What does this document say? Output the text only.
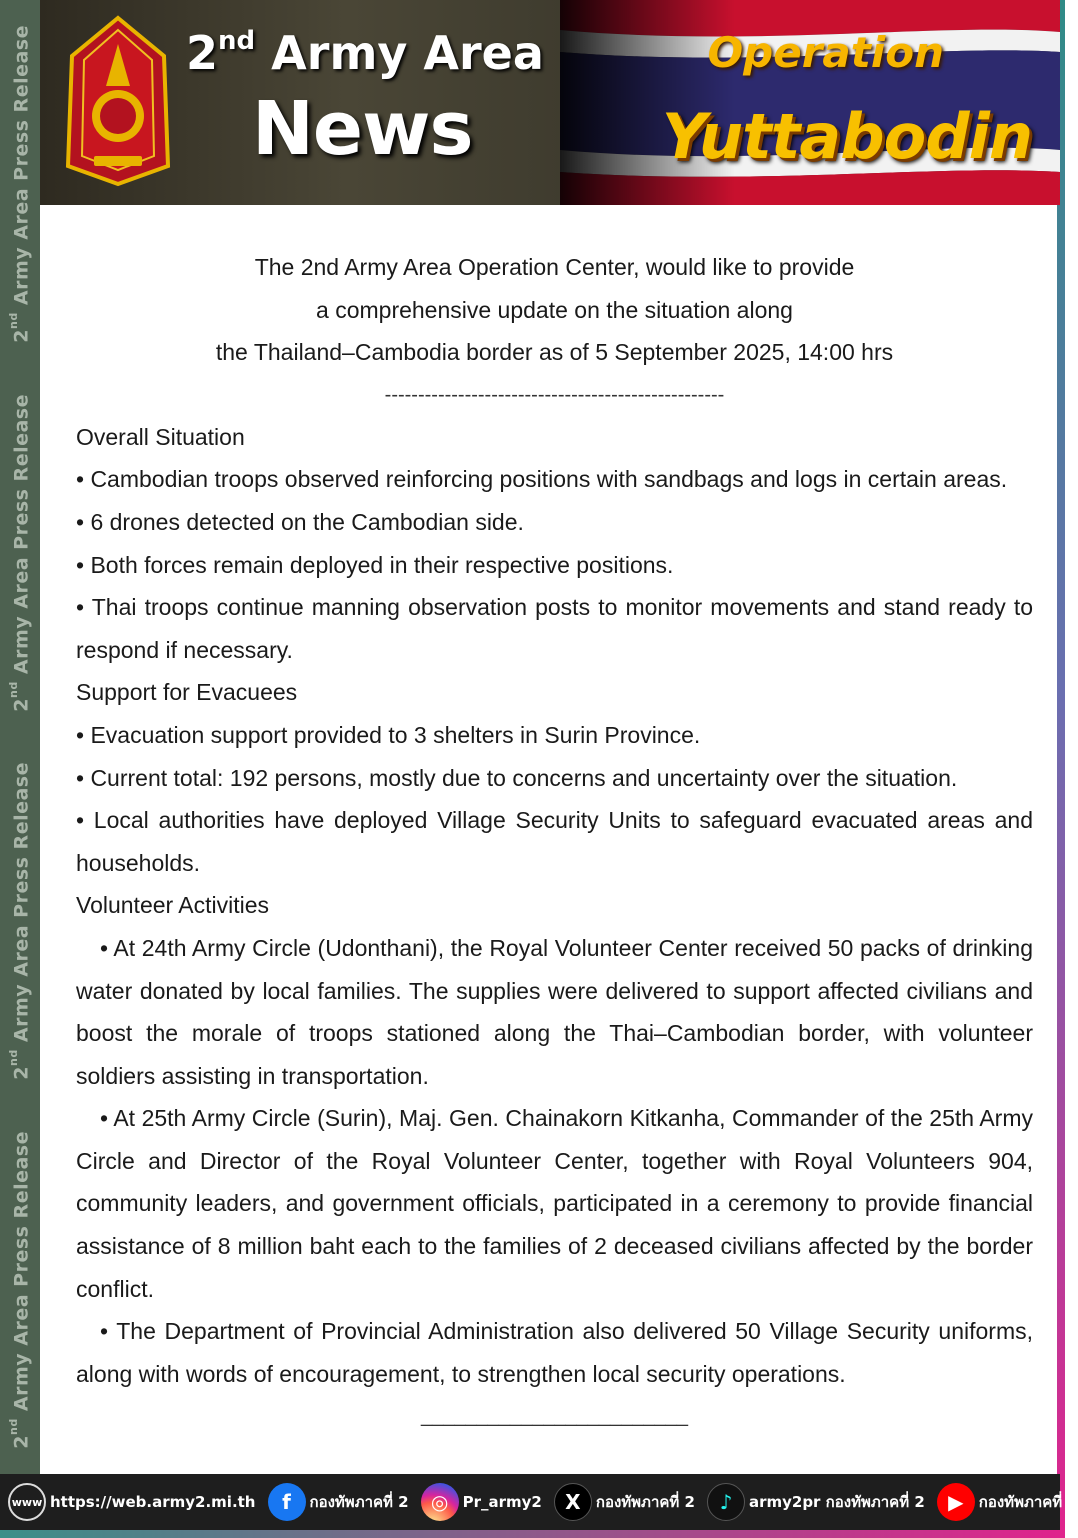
2nd Army Area Press Release
2nd Army Area Press Release
2nd Army Area Press Release
2nd Army Area Press Release
2nd Army Area
News
Operation
Yuttabodin
The 2nd Army Area Operation Center, would like to provide
a comprehensive update on the situation along
the Thailand–Cambodia border as of 5 September 2025, 14:00 hrs
---------------------------------------------------
Overall Situation
• Cambodian troops observed reinforcing positions with sandbags and logs in certain areas.
• 6 drones detected on the Cambodian side.
• Both forces remain deployed in their respective positions.
• Thai troops continue manning observation posts to monitor movements and stand ready to respond if necessary.
Support for Evacuees
• Evacuation support provided to 3 shelters in Surin Province.
• Current total: 192 persons, mostly due to concerns and uncertainty over the situation.
• Local authorities have deployed Village Security Units to safeguard evacuated areas and households.
Volunteer Activities
• At 24th Army Circle (Udonthani), the Royal Volunteer Center received 50 packs of drinking water donated by local families. The supplies were delivered to support affected civilians and boost the morale of troops stationed along the Thai–Cambodian border, with volunteer soldiers assisting in transportation.
• At 25th Army Circle (Surin), Maj. Gen. Chainakorn Kitkanha, Commander of the 25th Army Circle and Director of the Royal Volunteer Center, together with Royal Volunteers 904, community leaders, and government officials, participated in a ceremony to provide financial assistance of 8 million baht each to the families of 2 deceased civilians affected by the border conflict.
• The Department of Provincial Administration also delivered 50 Village Security uniforms, along with words of encouragement, to strengthen local security operations.
________________________
www https://web.army2.mi.th	f	กองทัพภาคที่ 2	◎ Pr_army2	X	กองทัพภาคที่ 2	♪	army2pr กองทัพภาคที่ 2	▶	กองทัพภาคที่ 2
